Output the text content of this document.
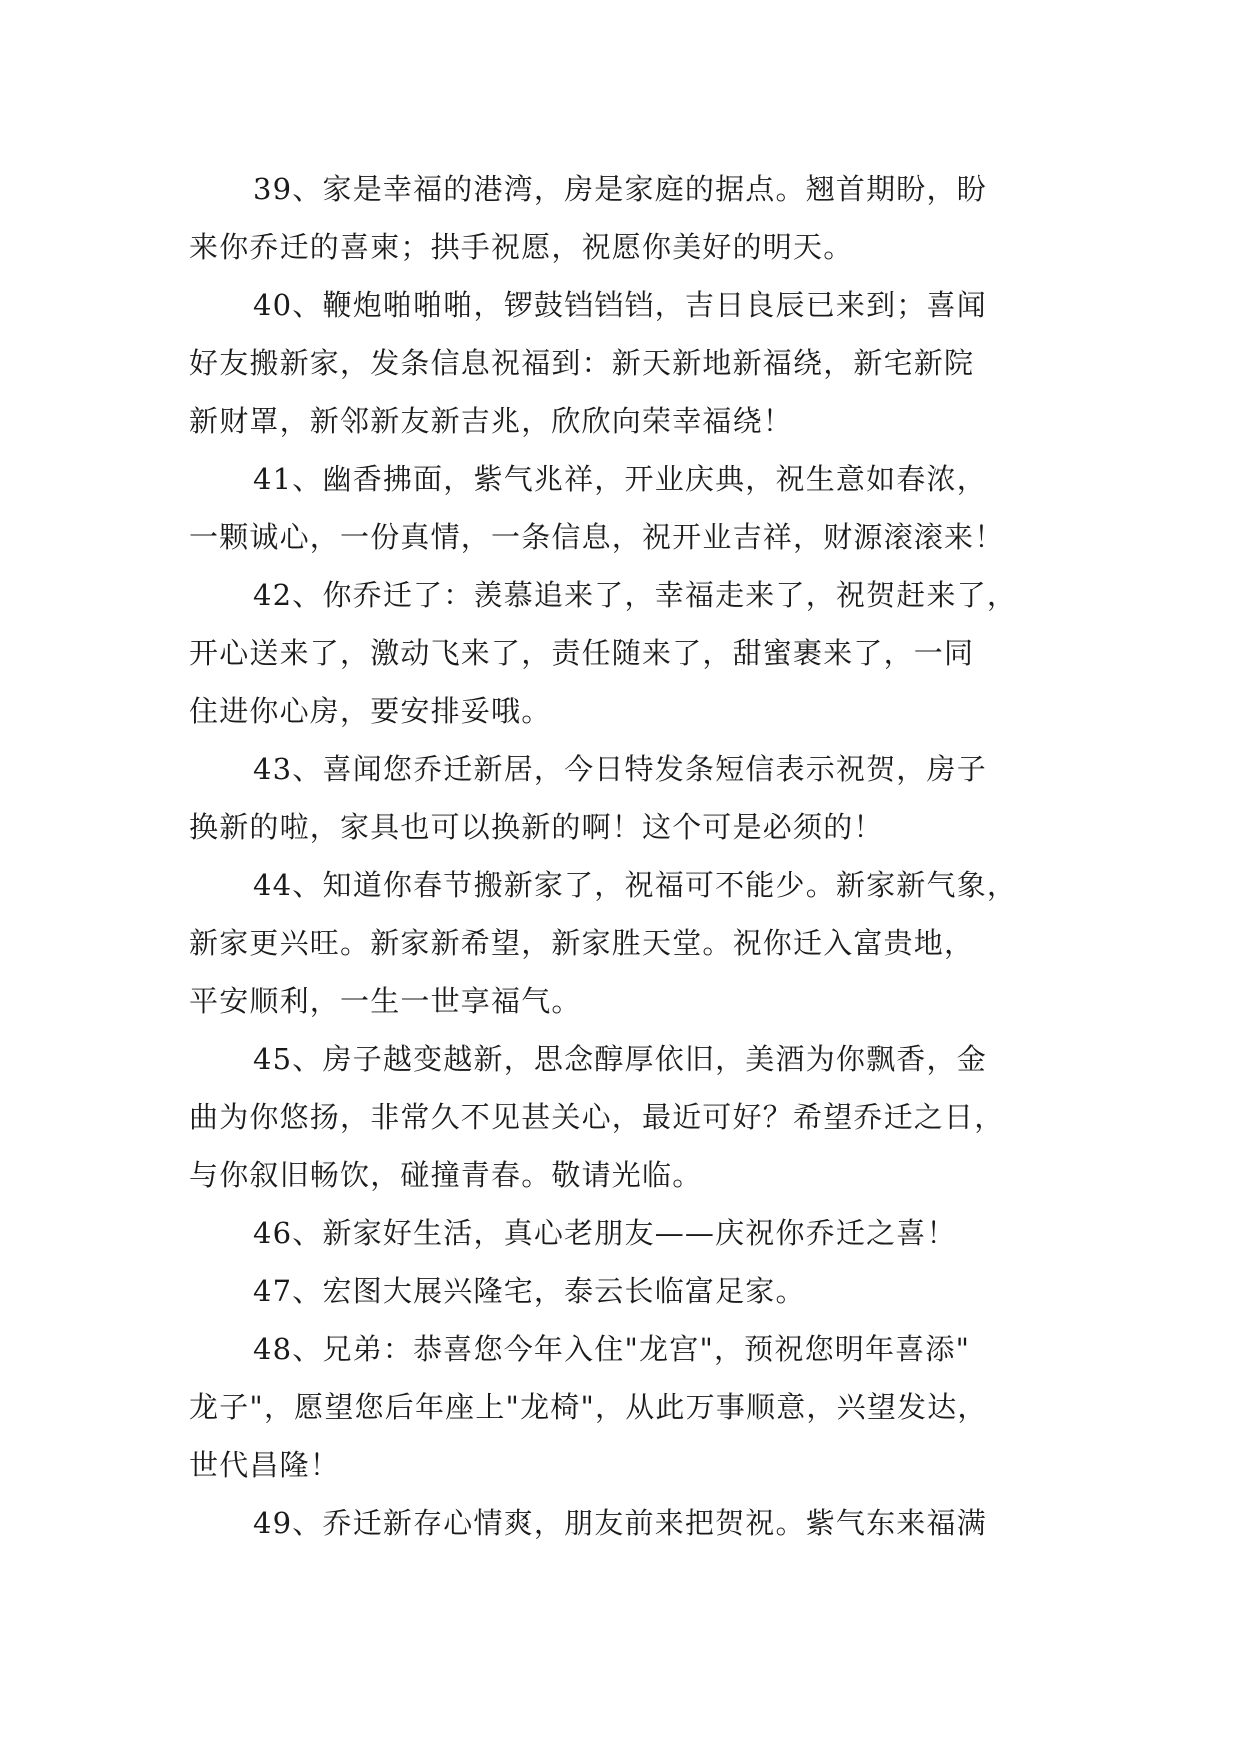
39、家是幸福的港湾，房是家庭的据点。翘首期盼，盼
来你乔迁的喜柬；拱手祝愿，祝愿你美好的明天。

40、鞭炮啪啪啪，锣鼓铛铛铛，吉日良辰已来到；喜闻
好友搬新家，发条信息祝福到：新天新地新福绕，新宅新院
新财罩，新邻新友新吉兆，欣欣向荣幸福绕！

41、幽香拂面，紫气兆祥，开业庆典，祝生意如春浓，
一颗诚心，一份真情，一条信息，祝开业吉祥，财源滚滚来！

42、你乔迁了：羡慕追来了，幸福走来了，祝贺赶来了，
开心送来了，激动飞来了，责任随来了，甜蜜裹来了，一同
住进你心房，要安排妥哦。

43、喜闻您乔迁新居，今日特发条短信表示祝贺，房子
换新的啦，家具也可以换新的啊！这个可是必须的！

44、知道你春节搬新家了，祝福可不能少。新家新气象，
新家更兴旺。新家新希望，新家胜天堂。祝你迁入富贵地，
平安顺利，一生一世享福气。

45、房子越变越新，思念醇厚依旧，美酒为你飘香，金
曲为你悠扬，非常久不见甚关心，最近可好？希望乔迁之日，
与你叙旧畅饮，碰撞青春。敬请光临。

46、新家好生活，真心老朋友——庆祝你乔迁之喜！

47、宏图大展兴隆宅，泰云长临富足家。

48、兄弟：恭喜您今年入住"龙宫"，预祝您明年喜添"
龙子"，愿望您后年座上"龙椅"，从此万事顺意，兴望发达，
世代昌隆！

49、乔迁新存心情爽，朋友前来把贺祝。紫气东来福满
